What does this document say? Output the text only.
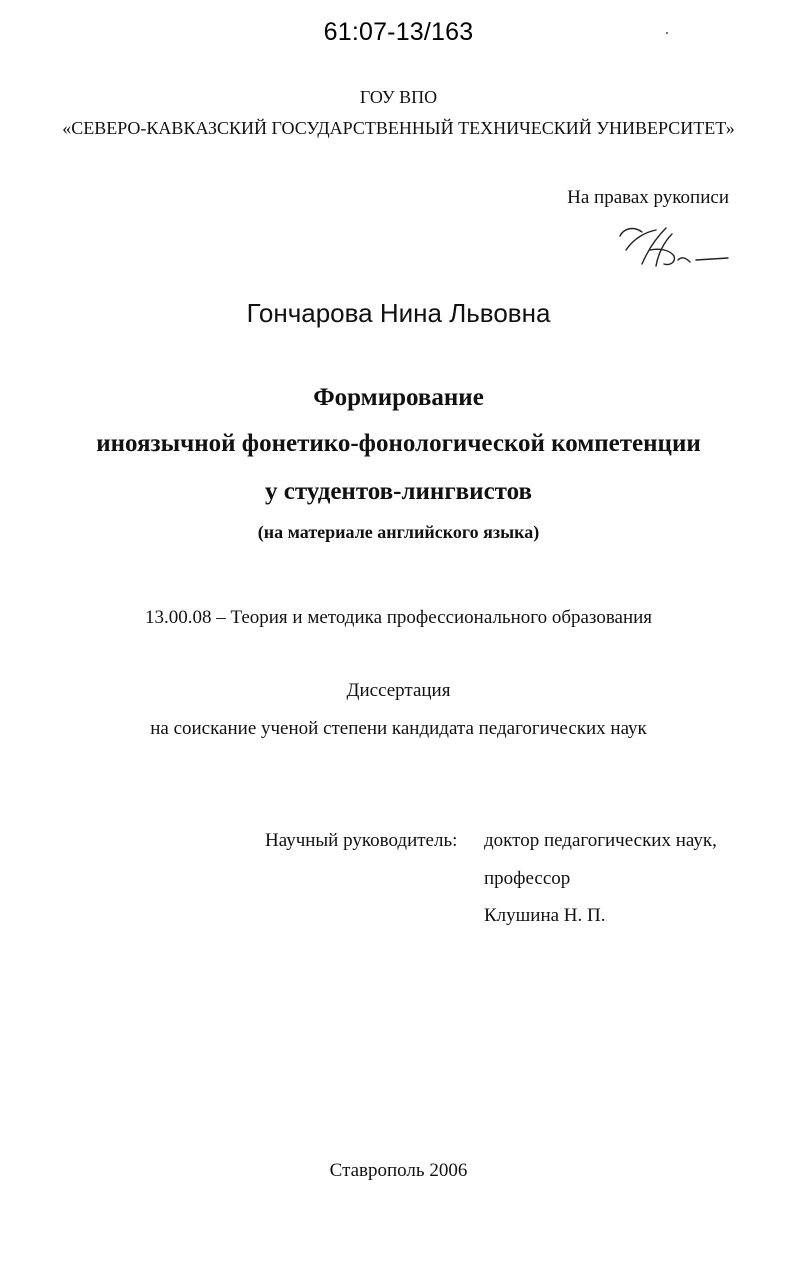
61:07-13/163
ГОУ ВПО
«СЕВЕРО-КАВКАЗСКИЙ ГОСУДАРСТВЕННЫЙ ТЕХНИЧЕСКИЙ УНИВЕРСИТЕТ»
На правах рукописи
Гончарова Нина Львовна
Формирование
иноязычной фонетико-фонологической компетенции
у студентов-лингвистов
(на материале английского языка)
13.00.08 – Теория и методика профессионального образования
Диссертация
на соискание ученой степени кандидата педагогических наук
Научный руководитель: доктор педагогических наук,
профессор
Клушина Н. П.
Ставрополь 2006
